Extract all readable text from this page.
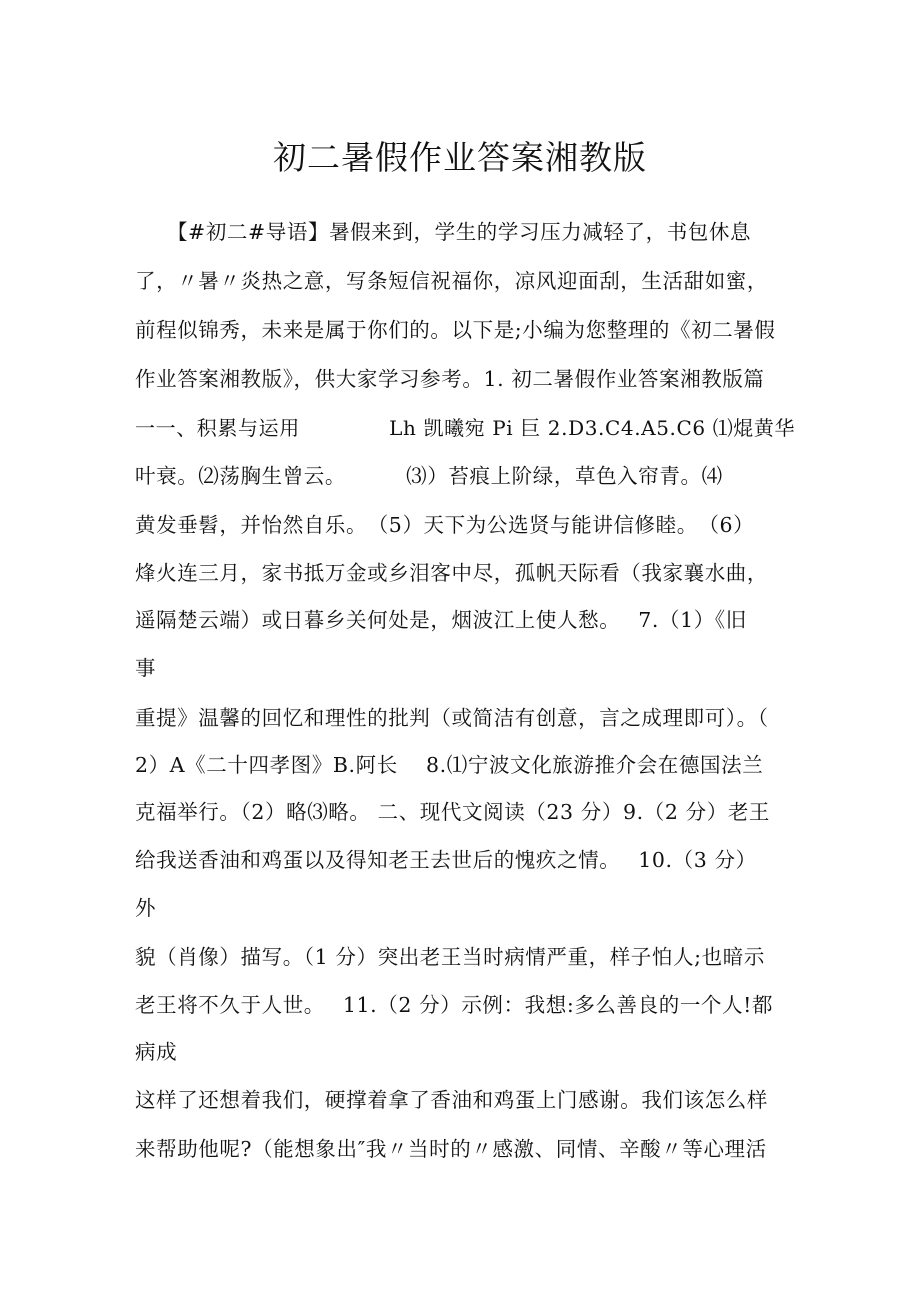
初二暑假作业答案湘教版
　　【#初二#导语】暑假来到，学生的学习压力减轻了，书包休息
了，〃暑〃炎热之意，写条短信祝福你，凉风迎面刮，生活甜如蜜，
前程似锦秀，未来是属于你们的。以下是;小编为您整理的《初二暑假
作业答案湘教版》，供大家学习参考。1. 初二暑假作业答案湘教版篇
一一、积累与运用　　　　 Lh 凯曦宛 Pi 巨 2.D3.C4.A5.C6 ⑴焜黄华
叶衰。⑵荡胸生曾云。　　　 ⑶）苔痕上阶绿，草色入帘青。⑷
黄发垂髫，并怡然自乐。　（5）天下为公选贤与能讲信修睦。　（6）
烽火连三月，家书抵万金或乡泪客中尽，孤帆天际看（我家襄水曲，
遥隔楚云端）或日暮乡关何处是，烟波江上使人愁。　 7.（1）《旧
事
重提》温馨的回忆和理性的批判（或简洁有创意，言之成理即可）。（
2）A《二十四孝图》B.阿长　 8.⑴宁波文化旅游推介会在德国法兰
克福举行。（2）略⑶略。 二、现代文阅读（23 分）9.（2 分）老王
给我送香油和鸡蛋以及得知老王去世后的愧疚之情。　 10.（3 分）
外
貌（肖像）描写。（1 分）突出老王当时病情严重，样子怕人;也暗示
老王将不久于人世。　 11.（2 分）示例：我想:多么善良的一个人!都
病成
这样了还想着我们，硬撑着拿了香油和鸡蛋上门感谢。我们该怎么样
来帮助他呢?（能想象出″我〃当时的〃感激、同情、辛酸〃等心理活
